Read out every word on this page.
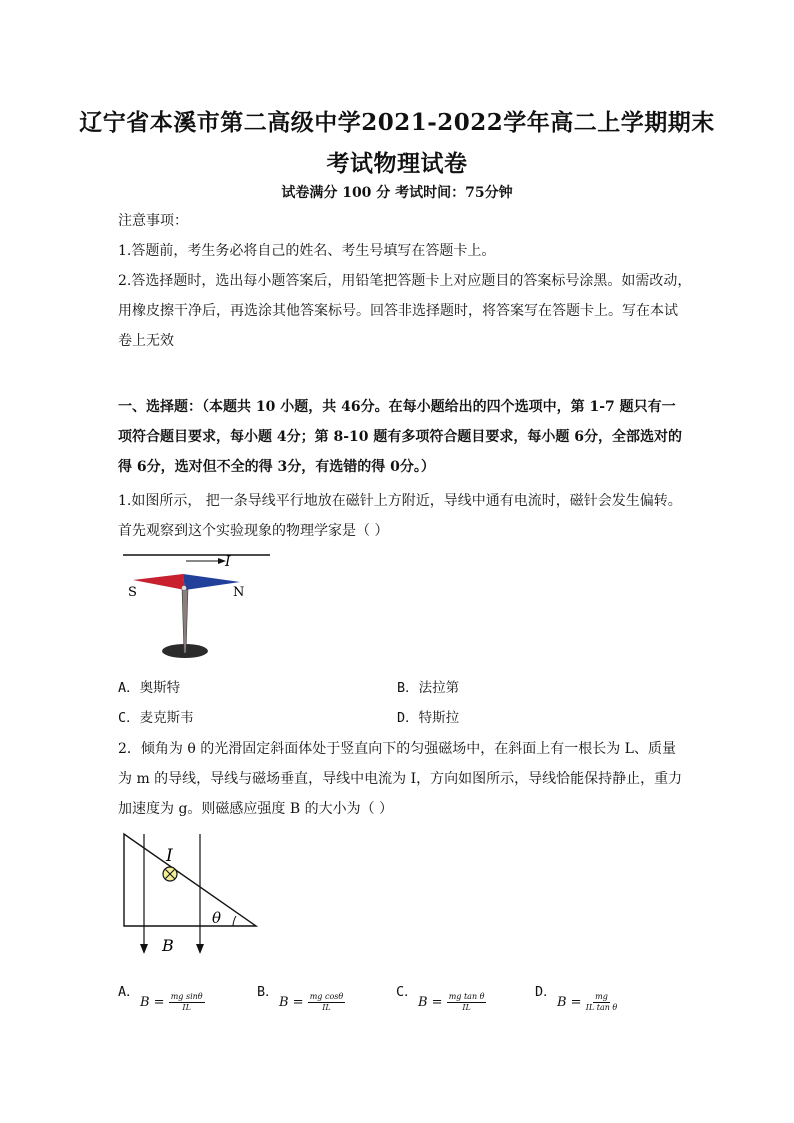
辽宁省本溪市第二高级中学2021-2022学年高二上学期期末
考试物理试卷
试卷满分 100 分 考试时间：75分钟
注意事项：
1.答题前，考生务必将自己的姓名、考生号填写在答题卡上。
2.答选择题时，选出每小题答案后，用铅笔把答题卡上对应题目的答案标号涂黑。如需改动，
用橡皮擦干净后，再选涂其他答案标号。回答非选择题时，将答案写在答题卡上。写在本试
卷上无效
一、选择题：（本题共 10 小题，共 46分。在每小题给出的四个选项中，第 1-7 题只有一
项符合题目要求，每小题 4分；第 8-10 题有多项符合题目要求，每小题 6分，全部选对的
得 6分，选对但不全的得 3分，有选错的得 0分。）
1.如图所示， 把一条导线平行地放在磁针上方附近，导线中通有电流时，磁针会发生偏转。
首先观察到这个实验现象的物理学家是（ ）
I
S	N
A．奥斯特	B．法拉第
C．麦克斯韦	D．特斯拉
2．倾角为 θ 的光滑固定斜面体处于竖直向下的匀强磁场中，在斜面上有一根长为 L、质量
为 m 的导线，导线与磁场垂直，导线中电流为 I，方向如图所示，导线恰能保持静止，重力
加速度为 g。则磁感应强度 B 的大小为（ ）
I
B
θ
A．
$B = \frac{\text{mg sinθ}}{IL}$	B．
$B = \frac{\text{mg cosθ}}{IL}$	C．
$B = \frac{\text{mg tan θ}}{IL}$	D．
$B = \frac{mg}{\text{IL tan θ}}$
